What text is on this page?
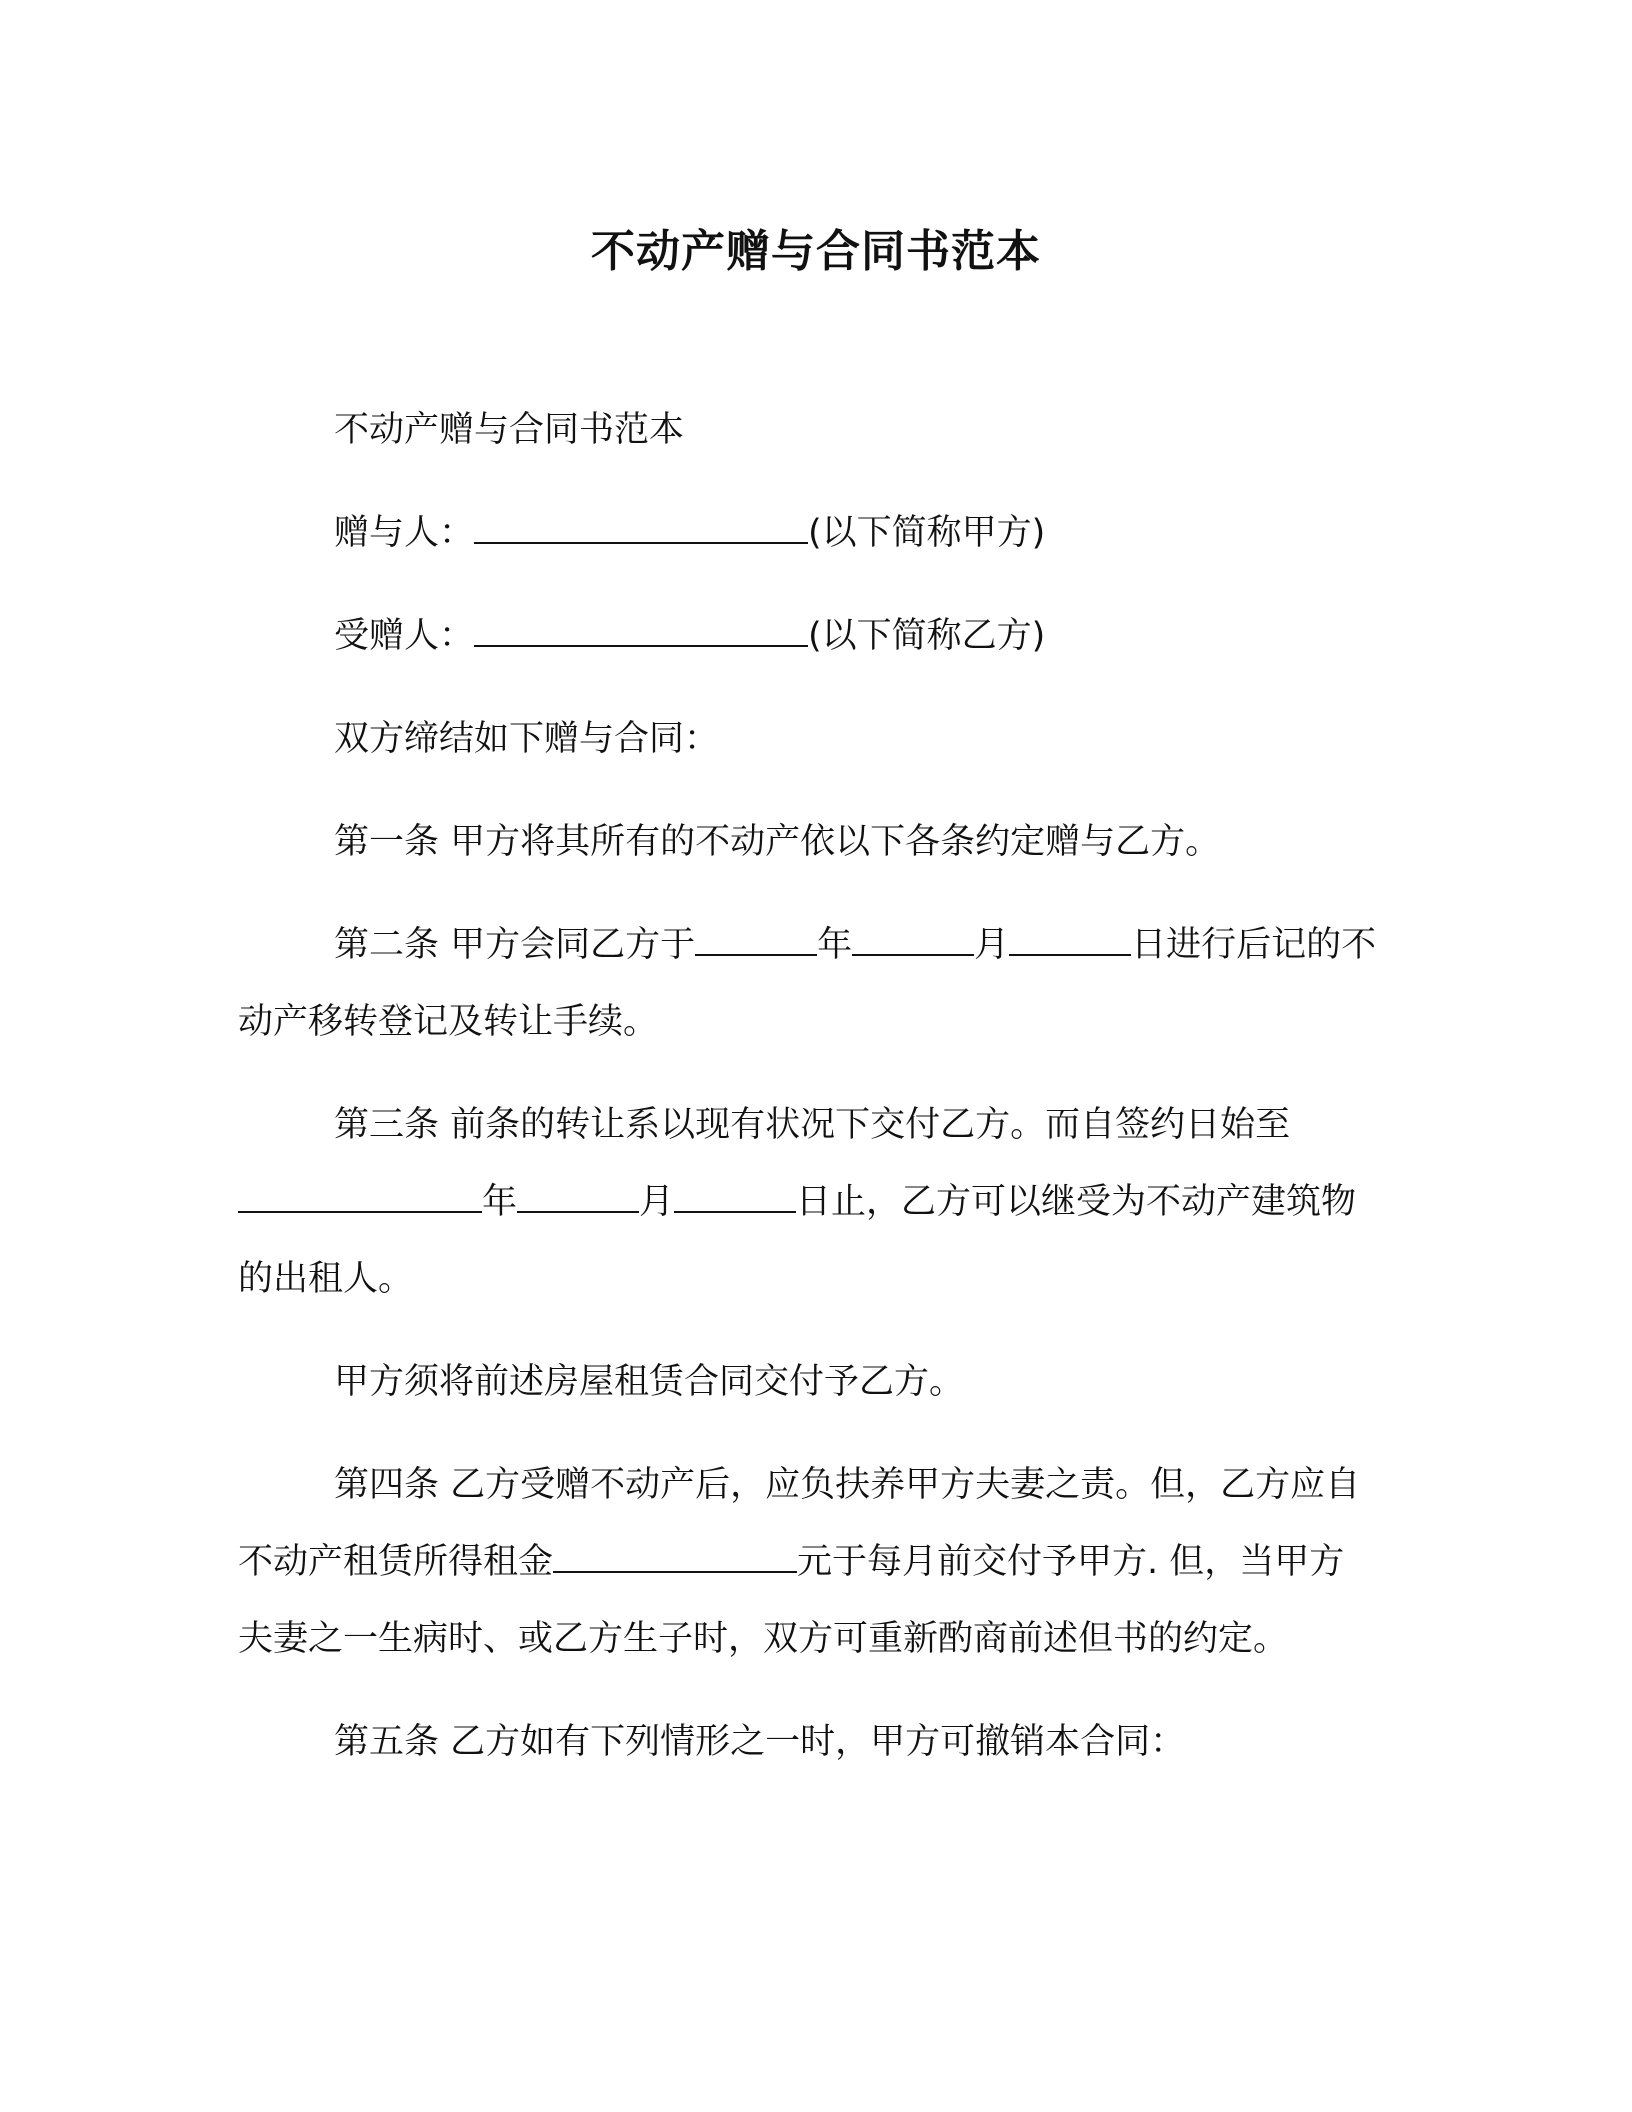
不动产赠与合同书范本

不动产赠与合同书范本

赠与人：	(以下简称甲方)

受赠人：	(以下简称乙方)

双方缔结如下赠与合同：

第一条 甲方将其所有的不动产依以下各条约定赠与乙方。

第二条 甲方会同乙方于	年	月	日进行后记的不动产移转登记及转让手续。

第三条 前条的转让系以现有状况下交付乙方。而自签约日始至年	月	日止，乙方可以继受为不动产建筑物的出租人。

甲方须将前述房屋租赁合同交付予乙方。

第四条 乙方受赠不动产后，应负扶养甲方夫妻之责。但，乙方应自不动产租赁所得租金	元于每月前交付予甲方. 但，当甲方夫妻之一生病时、或乙方生子时，双方可重新酌商前述但书的约定。

第五条 乙方如有下列情形之一时，甲方可撤销本合同：
